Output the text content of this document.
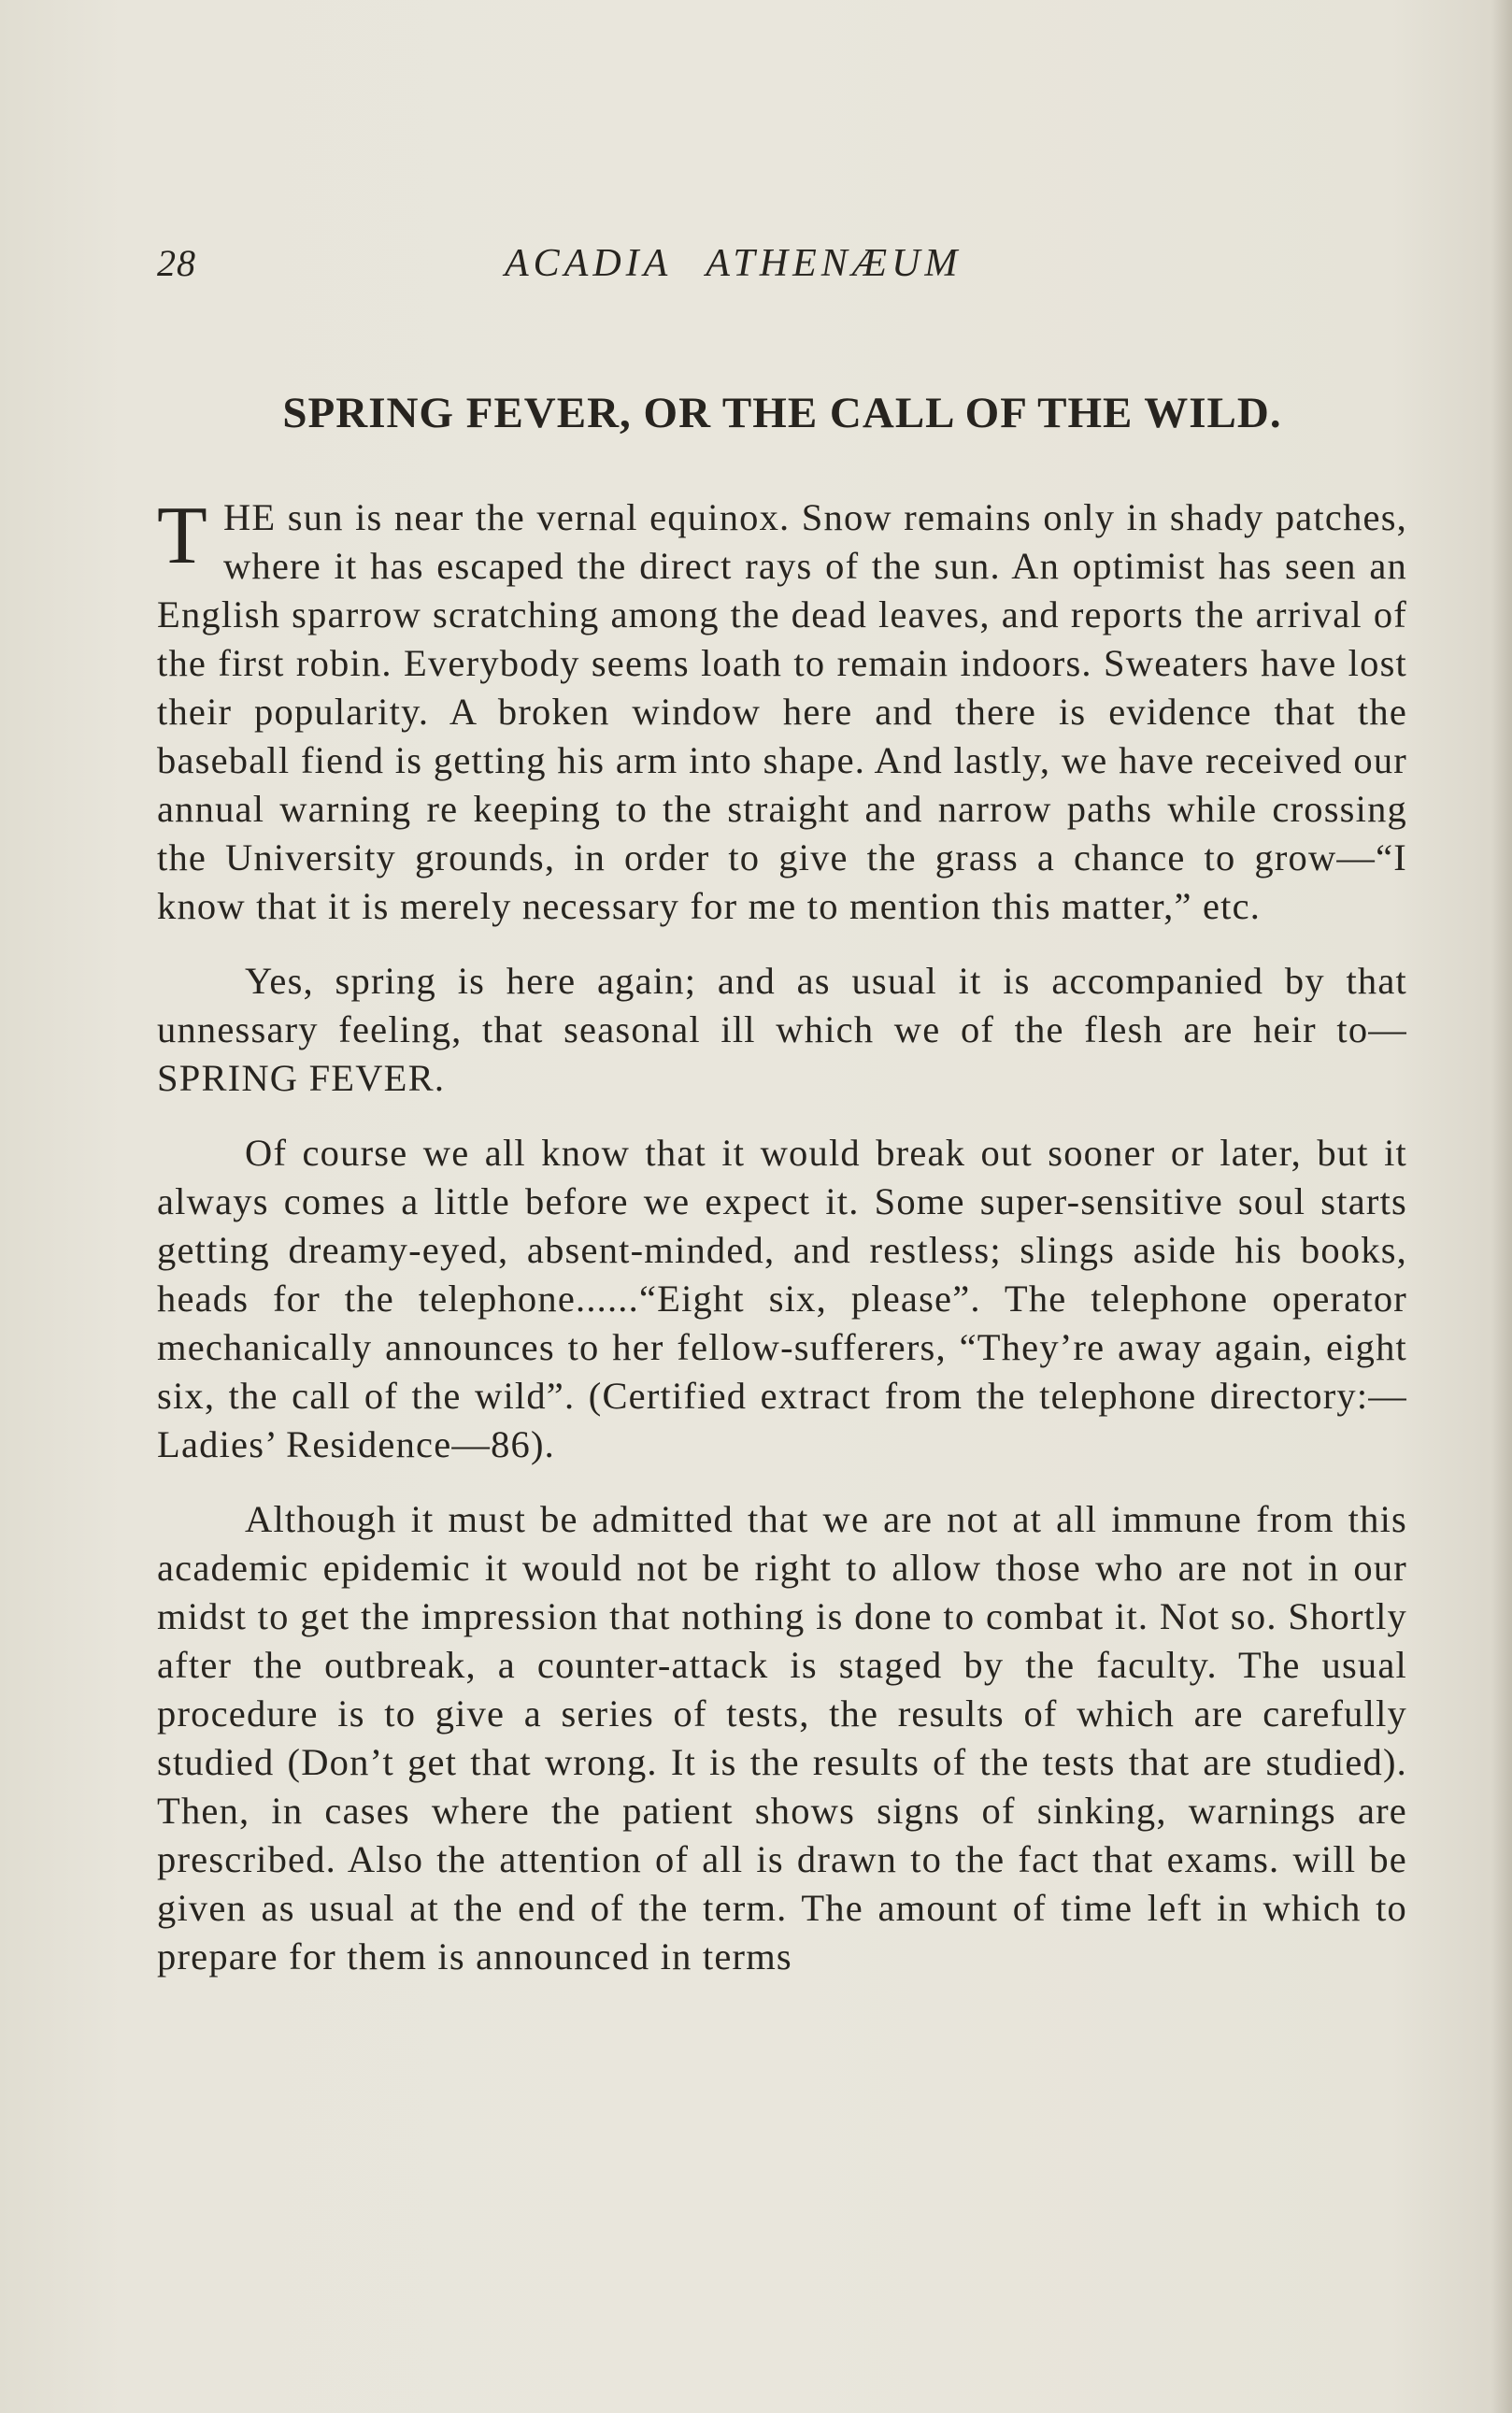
28	ACADIA ATHENÆUM
SPRING FEVER, OR THE CALL OF THE WILD.

THE sun is near the vernal equinox. Snow remains only in shady patches, where it has escaped the direct rays of the sun. An optimist has seen an English sparrow scratching among the dead leaves, and reports the arrival of the first robin. Everybody seems loath to remain indoors. Sweaters have lost their popularity. A broken window here and there is evidence that the baseball fiend is getting his arm into shape. And lastly, we have received our annual warning re keeping to the straight and narrow paths while crossing the University grounds, in order to give the grass a chance to grow—“I know that it is merely necessary for me to mention this matter,” etc.

Yes, spring is here again; and as usual it is accompanied by that unnessary feeling, that seasonal ill which we of the flesh are heir to—SPRING FEVER.

Of course we all know that it would break out sooner or later, but it always comes a little before we expect it. Some super-sensitive soul starts getting dreamy-eyed, absent-minded, and restless; slings aside his books, heads for the telephone......“Eight six, please”. The telephone operator mechanically announces to her fellow-sufferers, “They’re away again, eight six, the call of the wild”. (Certified extract from the telephone directory:—Ladies’ Residence—86).

Although it must be admitted that we are not at all immune from this academic epidemic it would not be right to allow those who are not in our midst to get the impression that nothing is done to combat it. Not so. Shortly after the outbreak, a counter-attack is staged by the faculty. The usual procedure is to give a series of tests, the results of which are carefully studied (Don’t get that wrong. It is the results of the tests that are studied). Then, in cases where the patient shows signs of sinking, warnings are prescribed. Also the attention of all is drawn to the fact that exams. will be given as usual at the end of the term. The amount of time left in which to prepare for them is announced in terms
